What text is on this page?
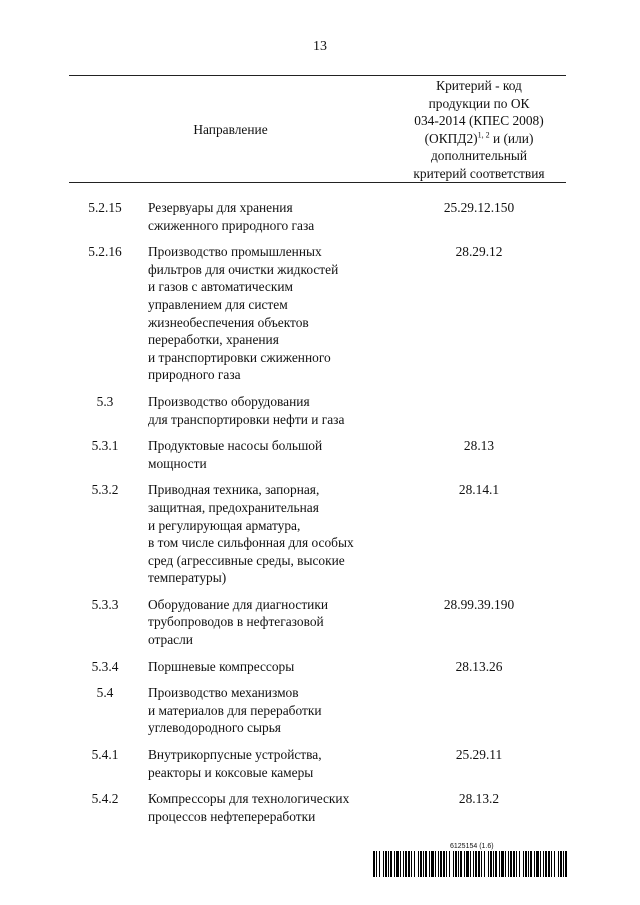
13
Направление
Критерий - код
продукции по ОК
034-2014 (КПЕС 2008)
(ОКПД2)$^{1, 2}$ и (или)
дополнительный
критерий соответствия
5.2.15	Резервуары для хранения
сжиженного природного газа
25.29.12.150
5.2.16	Производство промышленных
фильтров для очистки жидкостей
и газов с автоматическим
управлением для систем
жизнеобеспечения объектов
переработки, хранения
и транспортировки сжиженного
природного газа
28.29.12
5.3	Производство оборудования
для транспортировки нефти и газа
5.3.1	Продуктовые насосы большой
мощности
28.13
5.3.2	Приводная техника, запорная,
защитная, предохранительная
и регулирующая арматура,
в том числе сильфонная для особых
сред (агрессивные среды, высокие
температуры)
28.14.1
5.3.3	Оборудование для диагностики
трубопроводов в нефтегазовой
отрасли
28.99.39.190
5.3.4	Поршневые компрессоры	28.13.26
5.4	Производство механизмов
и материалов для переработки
углеводородного сырья
5.4.1	Внутрикорпусные устройства,
реакторы и коксовые камеры
25.29.11
5.4.2	Компрессоры для технологических
процессов нефтепереработки
28.13.2
6125154 (1.6)
